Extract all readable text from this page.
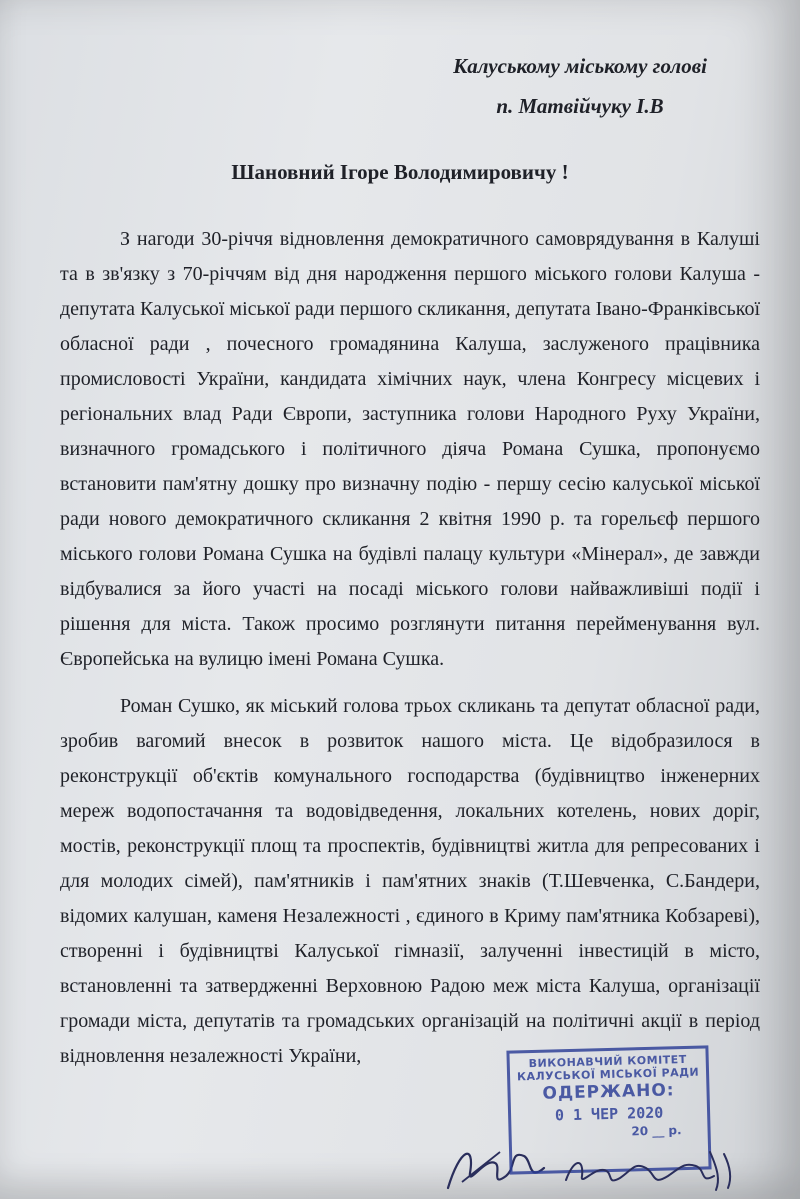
Калуському міському голові
п. Матвійчуку І.В
Шановний Ігоре Володимировичу !

З нагоди 30-річчя відновлення демократичного самоврядування в Калуші та в зв'язку з 70-річчям від дня народження першого міського голови Калуша - депутата Калуської міської ради першого скликання, депутата Івано-Франківської обласної ради , почесного громадянина Калуша, заслуженого працівника промисловості України, кандидата хімічних наук, члена Конгресу місцевих і регіональних влад Ради Європи, заступника голови Народного Руху України, визначного громадського і політичного діяча Романа Сушка, пропонуємо встановити пам'ятну дошку про визначну подію - першу сесію калуської міської ради нового демократичного скликання 2 квітня 1990 р. та горельєф першого міського голови Романа Сушка на будівлі палацу культури «Мінерал», де завжди відбувалися за його участі на посаді міського голови найважливіші події і рішення для міста. Також просимо розглянути питання перейменування вул. Європейська на вулицю імені Романа Сушка.

Роман Сушко, як міський голова трьох скликань та депутат обласної ради, зробив вагомий внесок в розвиток нашого міста. Це відобразилося в реконструкції об'єктів комунального господарства (будівництво інженерних мереж водопостачання та водовідведення, локальних котелень, нових доріг, мостів, реконструкції площ та проспектів, будівництві житла для репресованих і для молодих сімей), пам'ятників і пам'ятних знаків (Т.Шевченка, С.Бандери, відомих калушан, каменя Незалежності , єдиного в Криму пам'ятника Кобзареві), створенні і будівництві Калуської гімназії, залученні інвестицій в місто, встановленні та затвердженні Верховною Радою меж міста Калуша, організації громади міста, депутатів та громадських організацій на політичні акції в період відновлення незалежності України,	ВИКОНАВЧИЙ КОМІТЕТ КАЛУСЬКОЇ МІСЬКОЇ РАДИ
ОДЕРЖАНО:
0 1 ЧЕР 2020
20 __ р.
